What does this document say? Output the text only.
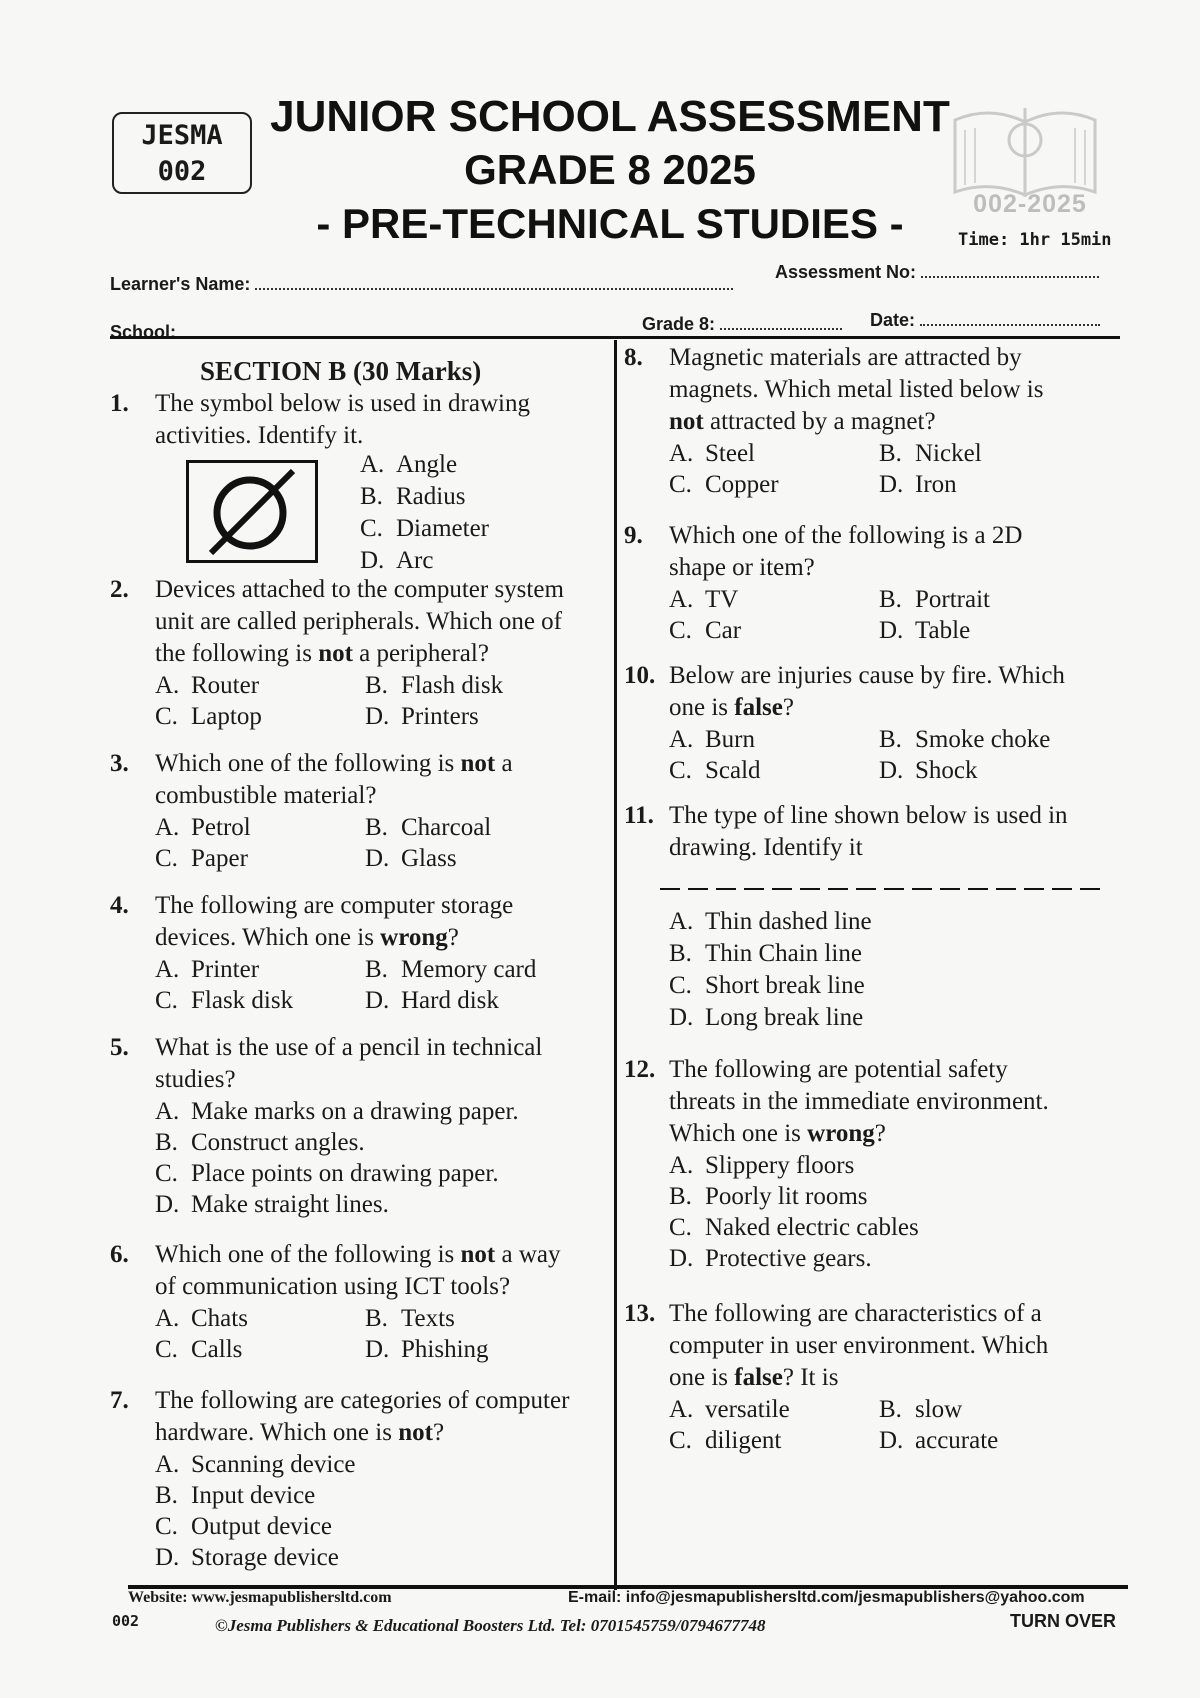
JESMA
002
JUNIOR SCHOOL ASSESSMENT
GRADE 8 2025
- PRE-TECHNICAL STUDIES -	002-2025
Time: 1hr 15min
Learner's Name:
Assessment No:
School:	Grade 8:	Date:
SECTION B (30 Marks)
1. The symbol below is used in drawing
activities. Identify it.
A. Angle
B. Radius
C. Diameter
D. Arc
2. Devices attached to the computer system
unit are called peripherals. Which one of
the following is not a peripheral?
A. Router	B. Flash disk
C. Laptop	D. Printers
3. Which one of the following is not a
combustible material?
A. Petrol	B. Charcoal
C. Paper	D. Glass
4. The following are computer storage
devices. Which one is wrong?
A. Printer	B. Memory card
C. Flask disk	D. Hard disk
5. What is the use of a pencil in technical
studies?
A. Make marks on a drawing paper.
B. Construct angles.
C. Place points on drawing paper.
D. Make straight lines.
6. Which one of the following is not a way
of communication using ICT tools?
A. Chats	B. Texts
C. Calls	D. Phishing
7. The following are categories of computer
hardware. Which one is not?
A. Scanning device
B. Input device
C. Output device
D. Storage device
8. Magnetic materials are attracted by
magnets. Which metal listed below is
not attracted by a magnet?
A. Steel	B. Nickel
C. Copper	D. Iron
9. Which one of the following is a 2D
shape or item?
A. TV	B. Portrait
C. Car	D. Table
10. Below are injuries cause by fire. Which
one is false?
A. Burn	B. Smoke choke
C. Scald	D. Shock
11. The type of line shown below is used in
drawing. Identify it
A. Thin dashed line
B. Thin Chain line
C. Short break line
D. Long break line
12. The following are potential safety
threats in the immediate environment.
Which one is wrong?
A. Slippery floors
B. Poorly lit rooms
C. Naked electric cables
D. Protective gears.
13. The following are characteristics of a
computer in user environment. Which
one is false? It is
A. versatile	B. slow
C. diligent	D. accurate
Website: www.jesmapublishersltd.com	E-mail: info@jesmapublishersltd.com/jesmapublishers@yahoo.com
002	©Jesma Publishers & Educational Boosters Ltd. Tel: 0701545759/0794677748	TURN OVER
